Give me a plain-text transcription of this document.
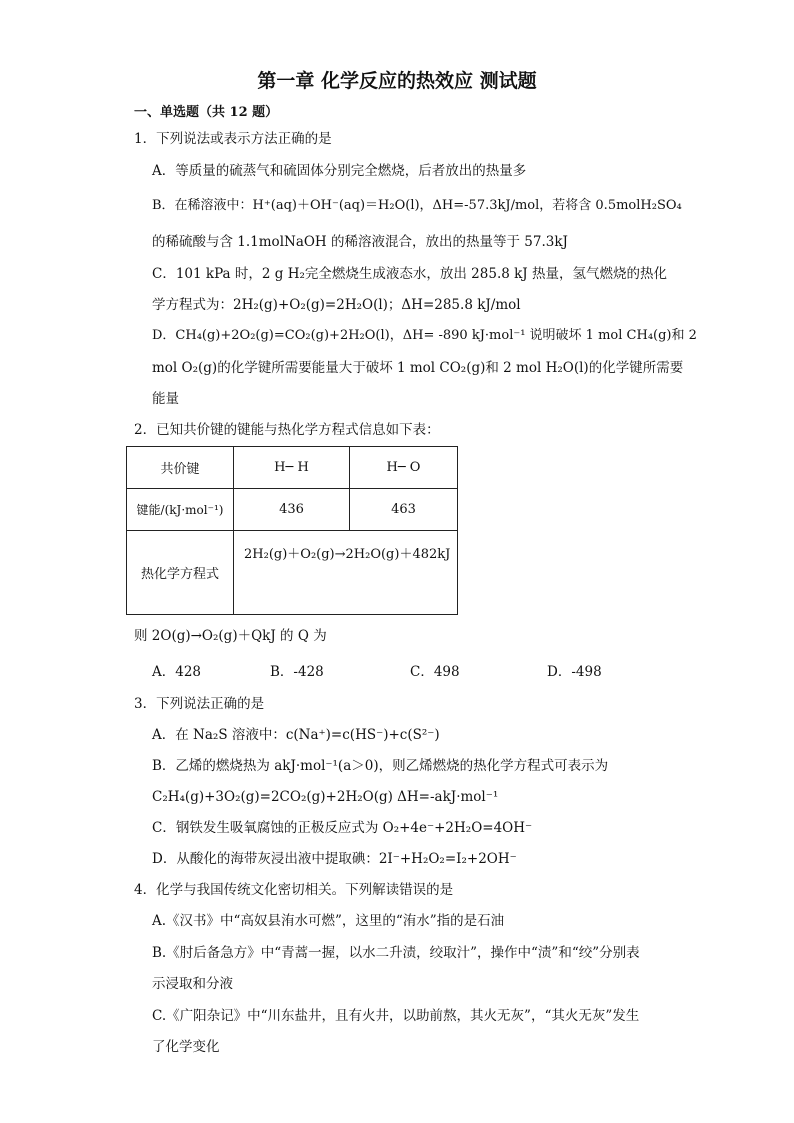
第一章 化学反应的热效应 测试题
一、单选题（共 12 题）
1．下列说法或表示方法正确的是
A．等质量的硫蒸气和硫固体分别完全燃烧，后者放出的热量多
B．在稀溶液中：H⁺(aq)＋OH⁻(aq)＝H₂O(l)，ΔH=-57.3kJ/mol，若将含 0.5molH₂SO₄
的稀硫酸与含 1.1molNaOH 的稀溶液混合，放出的热量等于 57.3kJ
C．101 kPa 时，2 g H₂完全燃烧生成液态水，放出 285.8 kJ 热量，氢气燃烧的热化
学方程式为：2H₂(g)+O₂(g)=2H₂O(l)；ΔH=285.8 kJ/mol
D．CH₄(g)+2O₂(g)=CO₂(g)+2H₂O(l)，ΔH= -890 kJ·mol⁻¹ 说明破坏 1 mol CH₄(g)和 2
mol O₂(g)的化学键所需要能量大于破坏 1 mol CO₂(g)和 2 mol H₂O(l)的化学键所需要
能量
2．已知共价键的键能与热化学方程式信息如下表：
共价键	H─ H	H─ O
键能/(kJ·mol⁻¹)	436	463
热化学方程式	2H₂(g)＋O₂(g)→2H₂O(g)＋482kJ	
则 2O(g)→O₂(g)＋QkJ 的 Q 为
A．428	B．-428	C．498	D．-498
3．下列说法正确的是
A．在 Na₂S 溶液中：c(Na⁺)=c(HS⁻)+c(S²⁻)
B．乙烯的燃烧热为 akJ·mol⁻¹(a＞0)，则乙烯燃烧的热化学方程式可表示为
C₂H₄(g)+3O₂(g)=2CO₂(g)+2H₂O(g) ΔH=-akJ·mol⁻¹
C．钢铁发生吸氧腐蚀的正极反应式为 O₂+4e⁻+2H₂O=4OH⁻
D．从酸化的海带灰浸出液中提取碘：2I⁻+H₂O₂=I₂+2OH⁻
4．化学与我国传统文化密切相关。下列解读错误的是
A.《汉书》中“高奴县洧水可燃”，这里的“洧水”指的是石油
B.《肘后备急方》中“青蒿一握，以水二升渍，绞取汁”，操作中“渍”和“绞”分别表
示浸取和分液
C.《广阳杂记》中“川东盐井，且有火井，以助前熬，其火无灰”，“其火无灰”发生
了化学变化
